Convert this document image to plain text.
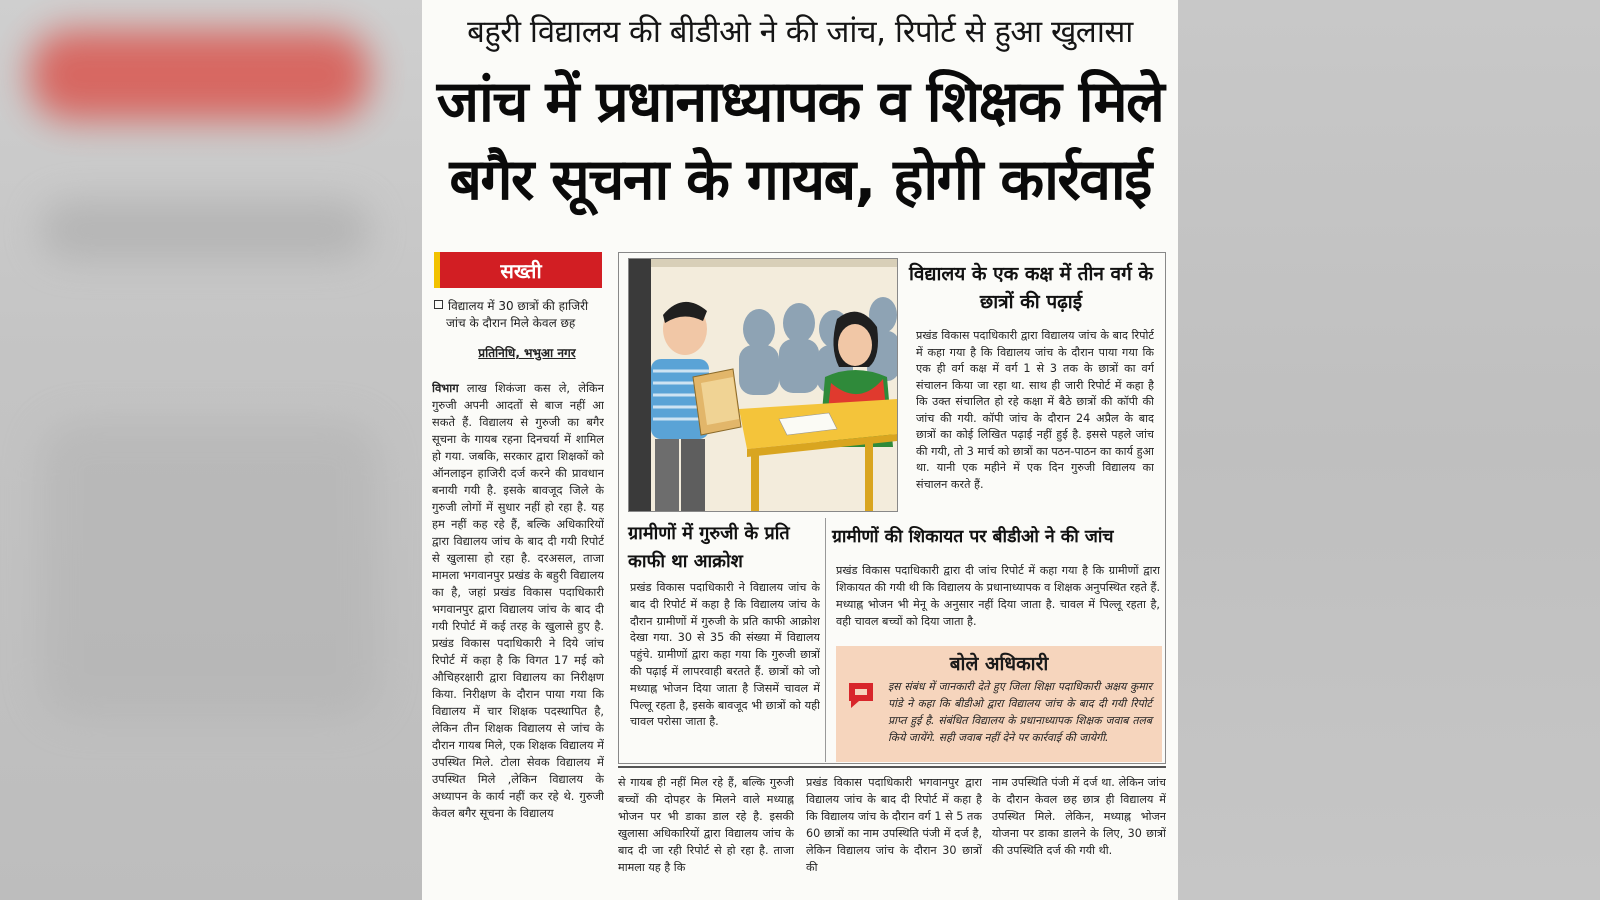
बहुरी विद्यालय की बीडीओ ने की जांच, रिपोर्ट से हुआ खुलासा
जांच में प्रधानाध्यापक व शिक्षक मिले
बगैर सूचना के गायब, होगी कार्रवाई
सख्ती
विद्यालय में 30 छात्रों की हाजिरी
जांच के दौरान मिले केवल छह
प्रतिनिधि, भभुआ नगर
विभाग लाख शिकंजा कस ले, लेकिन गुरुजी अपनी आदतों से बाज नहीं आ सकते हैं. विद्यालय से गुरुजी का बगैर सूचना के गायब रहना दिनचर्या में शामिल हो गया. जबकि, सरकार द्वारा शिक्षकों को ऑनलाइन हाजिरी दर्ज करने की प्रावधान बनायी गयी है. इसके बावजूद जिले के गुरुजी लोगों में सुधार नहीं हो रहा है. यह हम नहीं कह रहे हैं, बल्कि अधिकारियों द्वारा विद्यालय जांच के बाद दी गयी रिपोर्ट से खुलासा हो रहा है. दरअसल, ताजा मामला भगवानपुर प्रखंड के बहुरी विद्यालय का है, जहां प्रखंड विकास पदाधिकारी भगवानपुर द्वारा विद्यालय जांच के बाद दी गयी रिपोर्ट में कई तरह के खुलासे हुए है. प्रखंड विकास पदाधिकारी ने दिये जांच रिपोर्ट में कहा है कि विगत 17 मई को औचिहरक्षारी द्वारा विद्यालय का निरीक्षण किया. निरीक्षण के दौरान पाया गया कि विद्यालय में चार शिक्षक पदस्थापित है, लेकिन तीन शिक्षक विद्यालय से जांच के दौरान गायब मिले, एक शिक्षक विद्यालय में उपस्थित मिले. टोला सेवक विद्यालय में उपस्थित मिले ,लेकिन विद्यालय के अध्यापन के कार्य नहीं कर रहे थे. गुरुजी केवल बगैर सूचना के विद्यालय
विद्यालय के एक कक्ष में तीन वर्ग के छात्रों की पढ़ाई
प्रखंड विकास पदाधिकारी द्वारा विद्यालय जांच के बाद रिपोर्ट में कहा गया है कि विद्यालय जांच के दौरान पाया गया कि एक ही वर्ग कक्ष में वर्ग 1 से 3 तक के छात्रों का वर्ग संचालन किया जा रहा था. साथ ही जारी रिपोर्ट में कहा है कि उक्त संचालित हो रहे कक्षा में बैठे छात्रों की कॉपी की जांच की गयी. कॉपी जांच के दौरान 24 अप्रैल के बाद छात्रों का कोई लिखित पढ़ाई नहीं हुई है. इससे पहले जांच की गयी, तो 3 मार्च को छात्रों का पठन-पाठन का कार्य हुआ था. यानी एक महीने में एक दिन गुरुजी विद्यालय का संचालन करते हैं.
ग्रामीणों में गुरुजी के प्रति काफी था आक्रोश
प्रखंड विकास पदाधिकारी ने विद्यालय जांच के बाद दी रिपोर्ट में कहा है कि विद्यालय जांच के दौरान ग्रामीणों में गुरुजी के प्रति काफी आक्रोश देखा गया. 30 से 35 की संख्या में विद्यालय पहुंचे. ग्रामीणों द्वारा कहा गया कि गुरुजी छात्रों की पढ़ाई में लापरवाही बरतते हैं. छात्रों को जो मध्याह्न भोजन दिया जाता है जिसमें चावल में पिल्लू रहता है, इसके बावजूद भी छात्रों को यही चावल परोसा जाता है.
ग्रामीणों की शिकायत पर बीडीओ ने की जांच
प्रखंड विकास पदाधिकारी द्वारा दी जांच रिपोर्ट में कहा गया है कि ग्रामीणों द्वारा शिकायत की गयी थी कि विद्यालय के प्रधानाध्यापक व शिक्षक अनुपस्थित रहते हैं. मध्याह्न भोजन भी मेनू के अनुसार नहीं दिया जाता है. चावल में पिल्लू रहता है, वही चावल बच्चों को दिया जाता है.
बोले अधिकारी
इस संबंध में जानकारी देते हुए जिला शिक्षा पदाधिकारी अक्षय कुमार पांडे ने कहा कि बीडीओ द्वारा विद्यालय जांच के बाद दी गयी रिपोर्ट प्राप्त हुई है. संबंधित विद्यालय के प्रधानाध्यापक शिक्षक जवाब तलब किये जायेंगे. सही जवाब नहीं देने पर कार्रवाई की जायेगी.
से गायब ही नहीं मिल रहे हैं, बल्कि गुरुजी बच्चों की दोपहर के मिलने वाले मध्याह्न भोजन पर भी डाका डाल रहे है. इसकी खुलासा अधिकारियों द्वारा विद्यालय जांच के बाद दी जा रही रिपोर्ट से हो रहा है. ताजा मामला यह है कि
प्रखंड विकास पदाधिकारी भगवानपुर द्वारा विद्यालय जांच के बाद दी रिपोर्ट में कहा है कि विद्यालय जांच के दौरान वर्ग 1 से 5 तक 60 छात्रों का नाम उपस्थिति पंजी में दर्ज है, लेकिन विद्यालय जांच के दौरान 30 छात्रों की
नाम उपस्थिति पंजी में दर्ज था. लेकिन जांच के दौरान केवल छह छात्र ही विद्यालय में उपस्थित मिले. लेकिन, मध्याह्न भोजन योजना पर डाका डालने के लिए, 30 छात्रों की उपस्थिति दर्ज की गयी थी.
